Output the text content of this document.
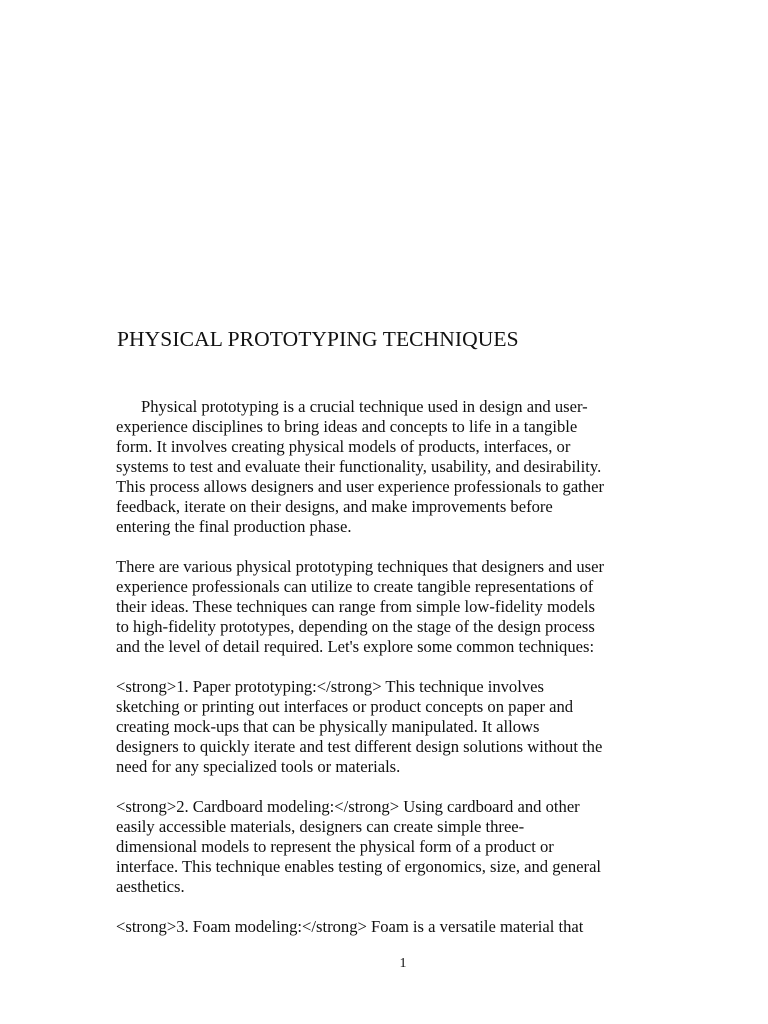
PHYSICAL PROTOTYPING TECHNIQUES
Physical prototyping is a crucial technique used in design and user-
experience disciplines to bring ideas and concepts to life in a tangible
form. It involves creating physical models of products, interfaces, or
systems to test and evaluate their functionality, usability, and desirability.
This process allows designers and user experience professionals to gather
feedback, iterate on their designs, and make improvements before
entering the final production phase.
There are various physical prototyping techniques that designers and user
experience professionals can utilize to create tangible representations of
their ideas. These techniques can range from simple low-fidelity models
to high-fidelity prototypes, depending on the stage of the design process
and the level of detail required. Let's explore some common techniques:
<strong>1. Paper prototyping:</strong> This technique involves
sketching or printing out interfaces or product concepts on paper and
creating mock-ups that can be physically manipulated. It allows
designers to quickly iterate and test different design solutions without the
need for any specialized tools or materials.
<strong>2. Cardboard modeling:</strong> Using cardboard and other
easily accessible materials, designers can create simple three-
dimensional models to represent the physical form of a product or
interface. This technique enables testing of ergonomics, size, and general
aesthetics.
<strong>3. Foam modeling:</strong> Foam is a versatile material that
1
